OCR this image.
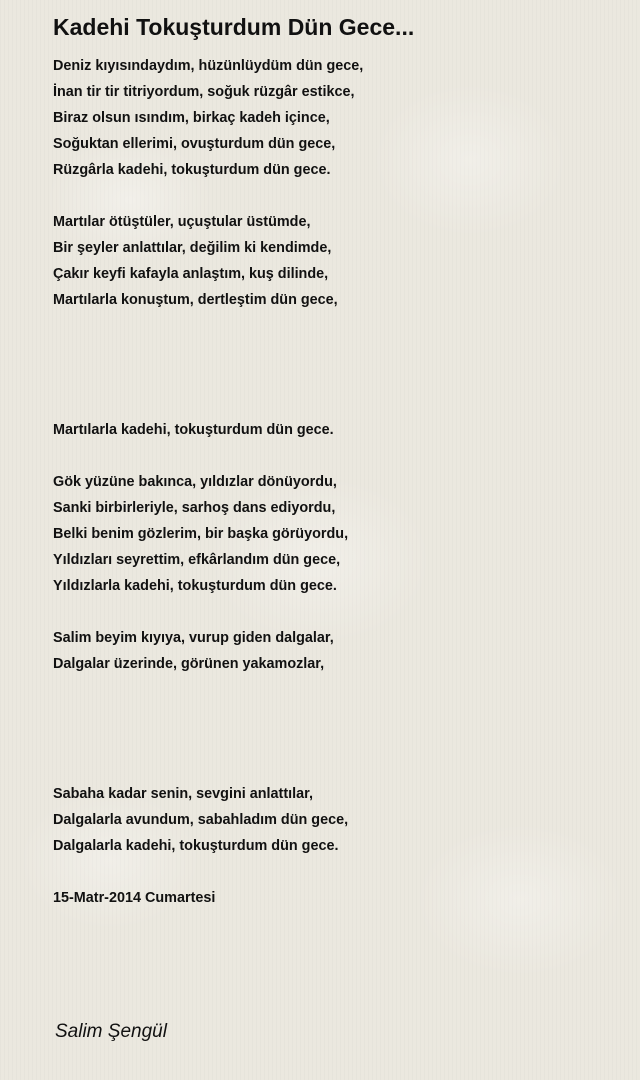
Kadehi Tokuşturdum Dün Gece...

Deniz kıyısındaydım, hüzünlüydüm dün gece,
İnan tir tir titriyordum, soğuk rüzgâr estikce,
Biraz olsun ısındım, birkaç kadeh içince,
Soğuktan ellerimi, ovuşturdum dün gece,
Rüzgârla kadehi, tokuşturdum dün gece.

Martılar ötüştüler, uçuştular üstümde,
Bir şeyler anlattılar, değilim ki kendimde,
Çakır keyfi kafayla anlaştım, kuş dilinde,
Martılarla konuştum, dertleştim dün gece,

Martılarla kadehi, tokuşturdum dün gece.

Gök yüzüne bakınca, yıldızlar dönüyordu,
Sanki birbirleriyle, sarhoş dans ediyordu,
Belki benim gözlerim, bir başka görüyordu,
Yıldızları seyrettim, efkârlandım dün gece,
Yıldızlarla kadehi, tokuşturdum dün gece.

Salim beyim kıyıya, vurup giden dalgalar,
Dalgalar üzerinde, görünen yakamozlar,

Sabaha kadar senin, sevgini anlattılar,
Dalgalarla avundum, sabahladım dün gece,
Dalgalarla kadehi, tokuşturdum dün gece.

15-Matr-2014 Cumartesi

Salim Şengül
